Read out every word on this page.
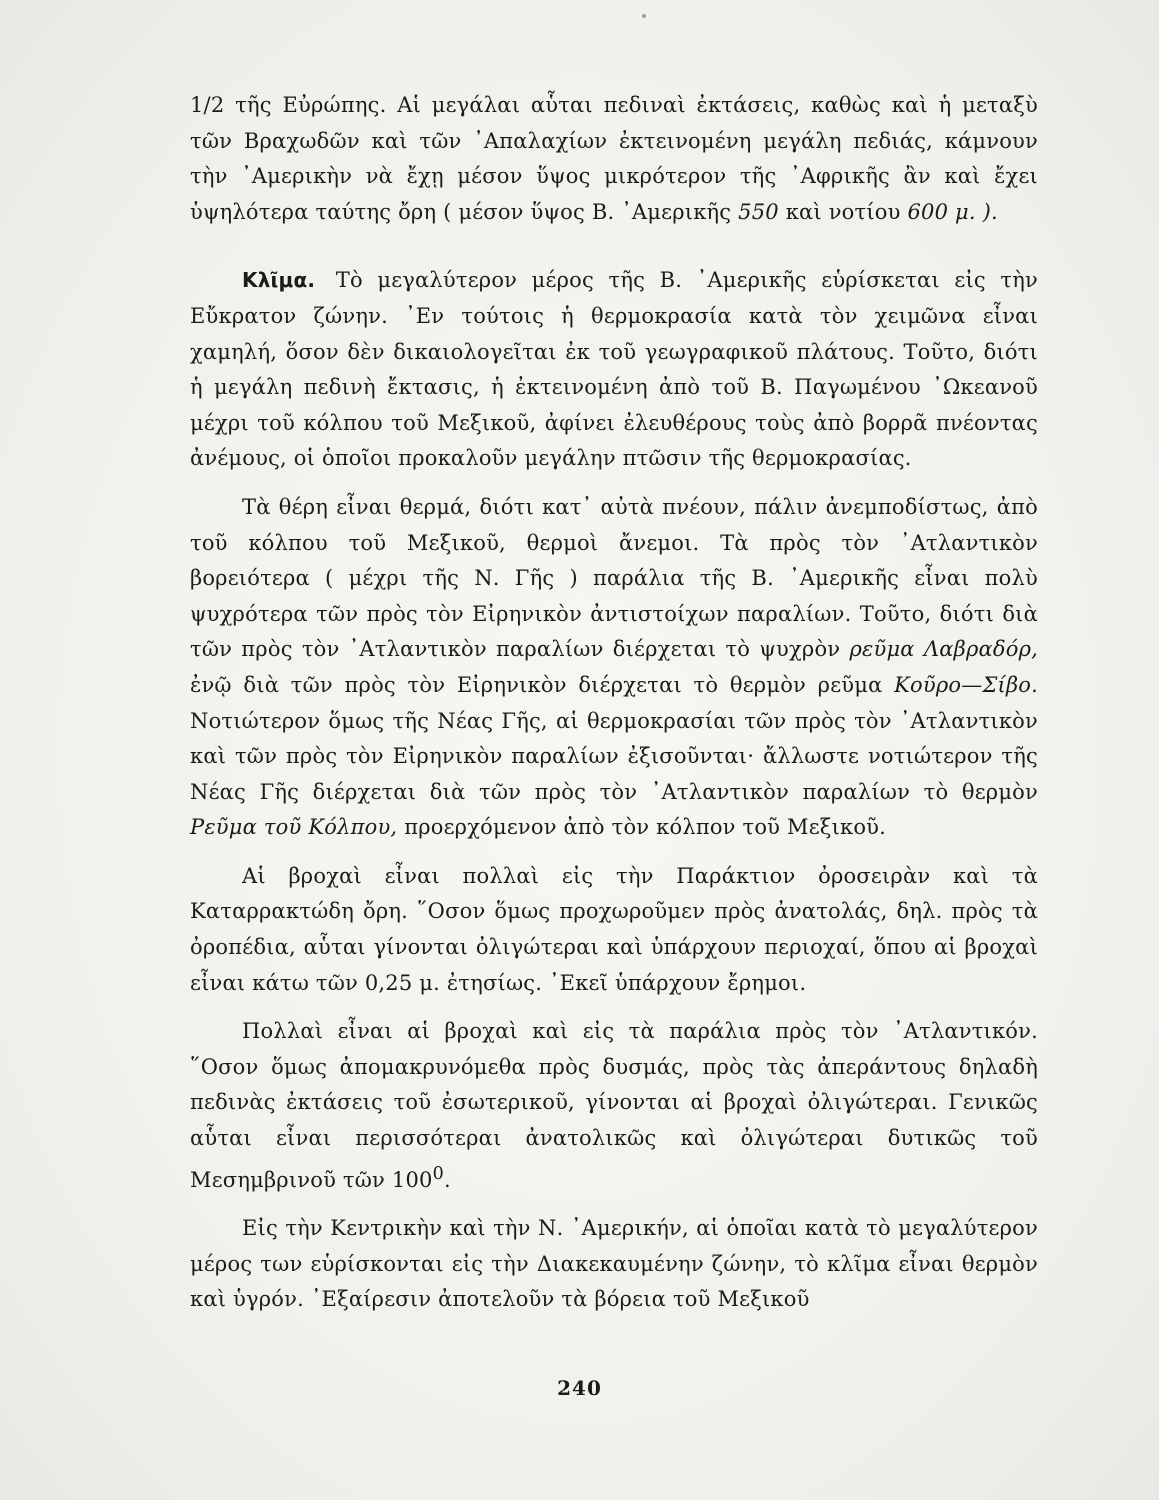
1/2 τῆς Εὐρώπης. Αἱ μεγάλαι αὗται πεδιναὶ ἐκτάσεις, καθὼς καὶ ἡ μεταξὺ τῶν Βραχωδῶν καὶ τῶν ᾽Απαλαχίων ἐκτεινομένη μεγάλη πεδιάς, κάμνουν τὴν ᾽Αμερικὴν νὰ ἔχῃ μέσον ὕψος μικρότερον τῆς ᾽Αφρικῆς ἂν καὶ ἔχει ὑψηλότερα ταύτης ὄρη ( μέσον ὕψος Β. ᾽Αμερικῆς 550 καὶ νοτίου 600 μ. ).

Κλῖμα. Τὸ μεγαλύτερον μέρος τῆς Β. ᾽Αμερικῆς εὑρίσκεται εἰς τὴν Εὔκρατον ζώνην. ᾽Εν τούτοις ἡ θερμοκρασία κατὰ τὸν χειμῶνα εἶναι χαμηλή, ὅσον δὲν δικαιολογεῖται ἐκ τοῦ γεωγραφικοῦ πλάτους. Τοῦτο, διότι ἡ μεγάλη πεδινὴ ἔκτασις, ἡ ἐκτεινομένη ἀπὸ τοῦ Β. Παγωμένου ᾽Ωκεανοῦ μέχρι τοῦ κόλπου τοῦ Μεξικοῦ, ἀφίνει ἐλευθέρους τοὺς ἀπὸ βορρᾶ πνέοντας ἀνέμους, οἱ ὁποῖοι προκαλοῦν μεγάλην πτῶσιν τῆς θερμοκρασίας.

Τὰ θέρη εἶναι θερμά, διότι κατ᾽ αὐτὰ πνέουν, πάλιν ἀνεμποδίστως, ἀπὸ τοῦ κόλπου τοῦ Μεξικοῦ, θερμοὶ ἄνεμοι. Τὰ πρὸς τὸν ᾽Ατλαντικὸν βορειότερα ( μέχρι τῆς Ν. Γῆς ) παράλια τῆς Β. ᾽Αμερικῆς εἶναι πολὺ ψυχρότερα τῶν πρὸς τὸν Εἰρηνικὸν ἀντιστοίχων παραλίων. Τοῦτο, διότι διὰ τῶν πρὸς τὸν ᾽Ατλαντικὸν παραλίων διέρχεται τὸ ψυχρὸν ρεῦμα Λαβραδόρ, ἐνῷ διὰ τῶν πρὸς τὸν Εἰρηνικὸν διέρχεται τὸ θερμὸν ρεῦμα Κοῦρο—Σίβο. Νοτιώτερον ὅμως τῆς Νέας Γῆς, αἱ θερμοκρασίαι τῶν πρὸς τὸν ᾽Ατλαντικὸν καὶ τῶν πρὸς τὸν Εἰρηνικὸν παραλίων ἐξισοῦνται· ἄλλωστε νοτιώτερον τῆς Νέας Γῆς διέρχεται διὰ τῶν πρὸς τὸν ᾽Ατλαντικὸν παραλίων τὸ θερμὸν Ρεῦμα τοῦ Κόλπου, προερχόμενον ἀπὸ τὸν κόλπον τοῦ Μεξικοῦ.

Αἱ βροχαὶ εἶναι πολλαὶ εἰς τὴν Παράκτιον ὀροσειρὰν καὶ τὰ Καταρρακτώδη ὄρη. ῞Οσον ὅμως προχωροῦμεν πρὸς ἀνατολάς, δηλ. πρὸς τὰ ὀροπέδια, αὗται γίνονται ὀλιγώτεραι καὶ ὑπάρχουν περιοχαί, ὅπου αἱ βροχαὶ εἶναι κάτω τῶν 0,25 μ. ἐτησίως. ᾽Εκεῖ ὑπάρχουν ἔρημοι.

Πολλαὶ εἶναι αἱ βροχαὶ καὶ εἰς τὰ παράλια πρὸς τὸν ᾽Ατλαντικόν. ῞Οσον ὅμως ἀπομακρυνόμεθα πρὸς δυσμάς, πρὸς τὰς ἀπεράντους δηλαδὴ πεδινὰς ἐκτάσεις τοῦ ἐσωτερικοῦ, γίνονται αἱ βροχαὶ ὀλιγώτεραι. Γενικῶς αὗται εἶναι περισσότεραι ἀνατολικῶς καὶ ὀλιγώτεραι δυτικῶς τοῦ Μεσημβρινοῦ τῶν $100^0$.

Εἰς τὴν Κεντρικὴν καὶ τὴν Ν. ᾽Αμερικήν, αἱ ὁποῖαι κατὰ τὸ μεγαλύτερον μέρος των εὑρίσκονται εἰς τὴν Διακεκαυμένην ζώνην, τὸ κλῖμα εἶναι θερμὸν καὶ ὑγρόν. ᾽Εξαίρεσιν ἀποτελοῦν τὰ βόρεια τοῦ Μεξικοῦ

240
